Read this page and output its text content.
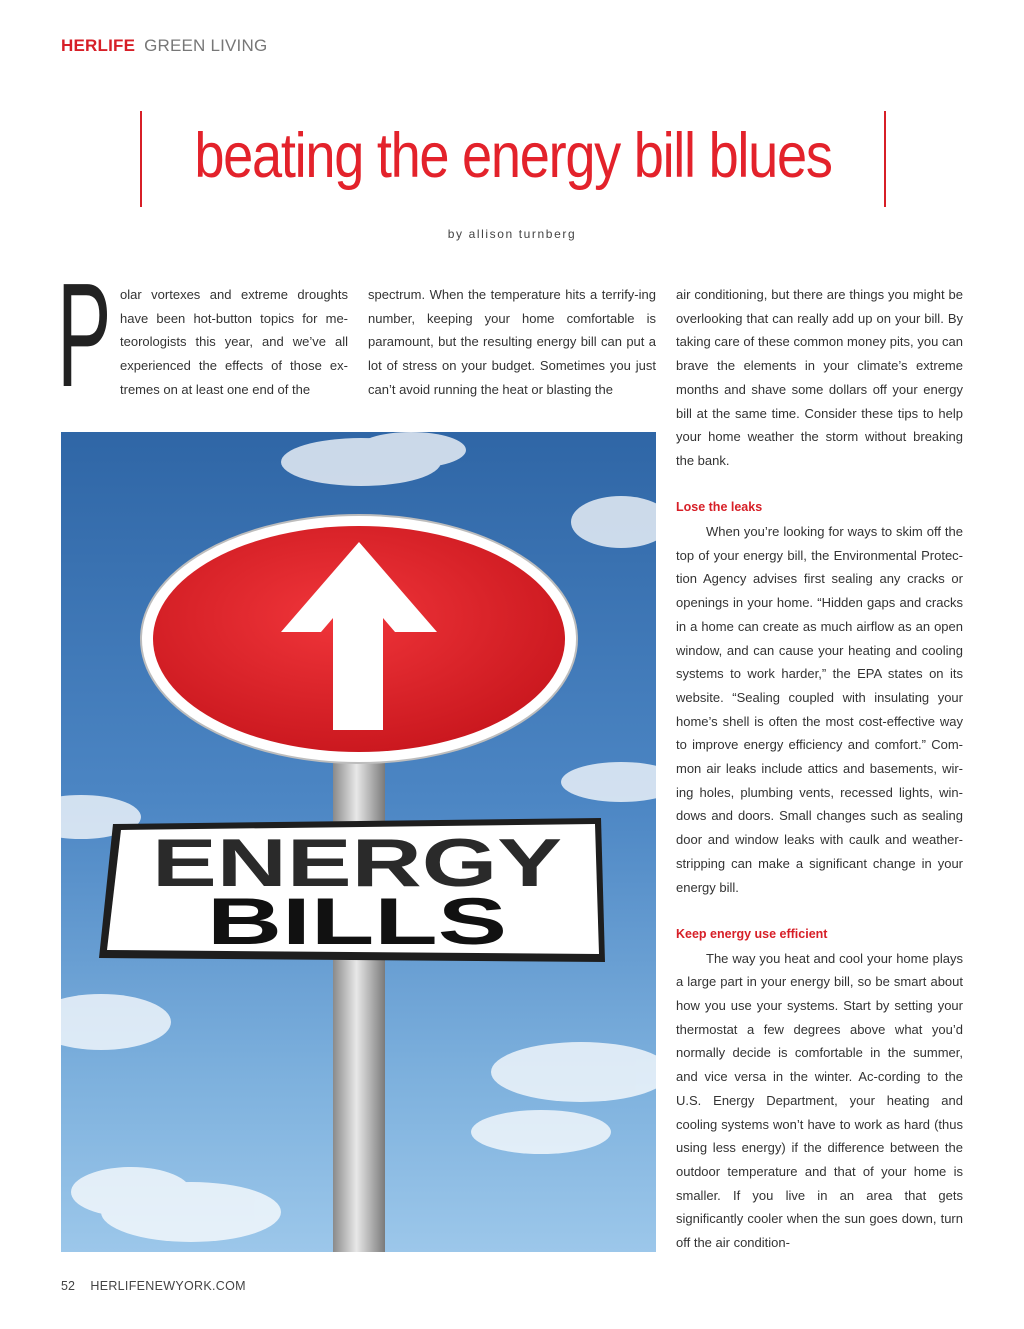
HERLIFE GREEN LIVING
beating the energy bill blues
by allison turnberg
P olar vortexes and extreme droughts have been hot-button topics for me-teorologists this year, and we’ve all experienced the effects of those ex-tremes on at least one end of the

spectrum. When the temperature hits a terrify-ing number, keeping your home comfortable is paramount, but the resulting energy bill can put a lot of stress on your budget. Sometimes you just can’t avoid running the heat or blasting the

air conditioning, but there are things you might be overlooking that can really add up on your bill. By taking care of these common money pits, you can brave the elements in your climate’s extreme months and shave some dollars off your energy bill at the same time. Consider these tips to help your home weather the storm without breaking the bank.

Lose the leaks

When you’re looking for ways to skim off the top of your energy bill, the Environmental Protec-tion Agency advises first sealing any cracks or openings in your home. “Hidden gaps and cracks in a home can create as much airflow as an open window, and can cause your heating and cooling systems to work harder,” the EPA states on its website. “Sealing coupled with insulating your home’s shell is often the most cost-effective way to improve energy efficiency and comfort.” Com-mon air leaks include attics and basements, wir-ing holes, plumbing vents, recessed lights, win-dows and doors. Small changes such as sealing door and window leaks with caulk and weather-stripping can make a significant change in your energy bill.

Keep energy use efficient

The way you heat and cool your home plays a large part in your energy bill, so be smart about how you use your systems. Start by setting your thermostat a few degrees above what you’d normally decide is comfortable in the summer, and vice versa in the winter. Ac-cording to the U.S. Energy Department, your heating and cooling systems won’t have to work as hard (thus using less energy) if the difference between the outdoor temperature and that of your home is smaller. If you live in an area that gets significantly cooler when the sun goes down, turn off the air condition-

ENERGY
BILLS
52 HERLIFENEWYORK.COM
